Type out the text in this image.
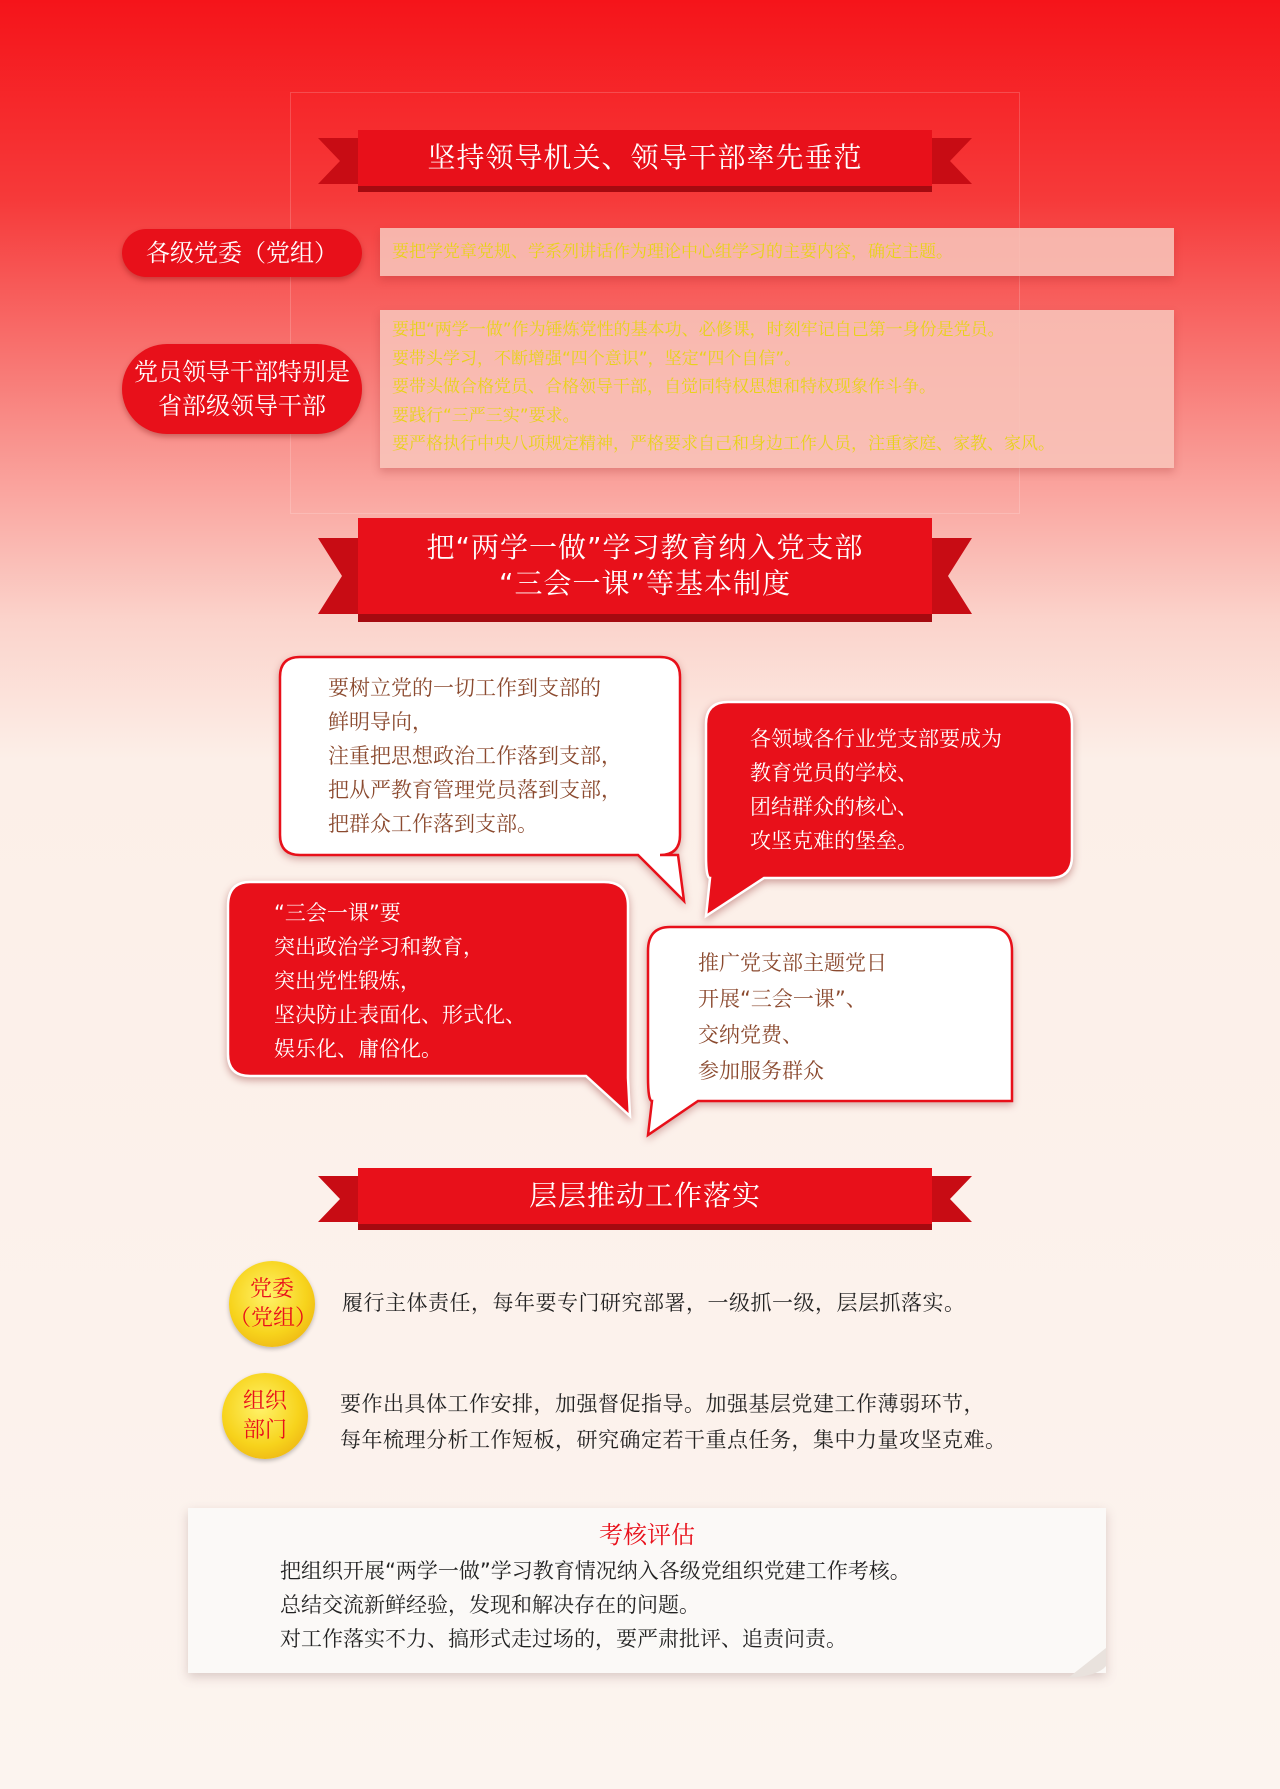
坚持领导机关、领导干部率先垂范
各级党委（党组）	要把学党章党规、学系列讲话作为理论中心组学习的主要内容，确定主题。
党员领导干部特别是
省部级领导干部
要把“两学一做”作为锤炼党性的基本功、必修课，时刻牢记自己第一身份是党员。
要带头学习，不断增强“四个意识”，坚定“四个自信”。
要带头做合格党员、合格领导干部，自觉同特权思想和特权现象作斗争。
要践行“三严三实”要求。
要严格执行中央八项规定精神，严格要求自己和身边工作人员，注重家庭、家教、家风。
把“两学一做”学习教育纳入党支部
“三会一课”等基本制度
要树立党的一切工作到支部的
鲜明导向，
注重把思想政治工作落到支部，
把从严教育管理党员落到支部，
把群众工作落到支部。
各领域各行业党支部要成为
教育党员的学校、
团结群众的核心、
攻坚克难的堡垒。
“三会一课”要
突出政治学习和教育，
突出党性锻炼，
坚决防止表面化、形式化、
娱乐化、庸俗化。
推广党支部主题党日
开展“三会一课”、
交纳党费、
参加服务群众
层层推动工作落实
党委
（党组）
履行主体责任，每年要专门研究部署，一级抓一级，层层抓落实。
组织
部门
要作出具体工作安排，加强督促指导。加强基层党建工作薄弱环节，
每年梳理分析工作短板，研究确定若干重点任务，集中力量攻坚克难。
考核评估
把组织开展“两学一做”学习教育情况纳入各级党组织党建工作考核。
总结交流新鲜经验，发现和解决存在的问题。
对工作落实不力、搞形式走过场的，要严肃批评、追责问责。
